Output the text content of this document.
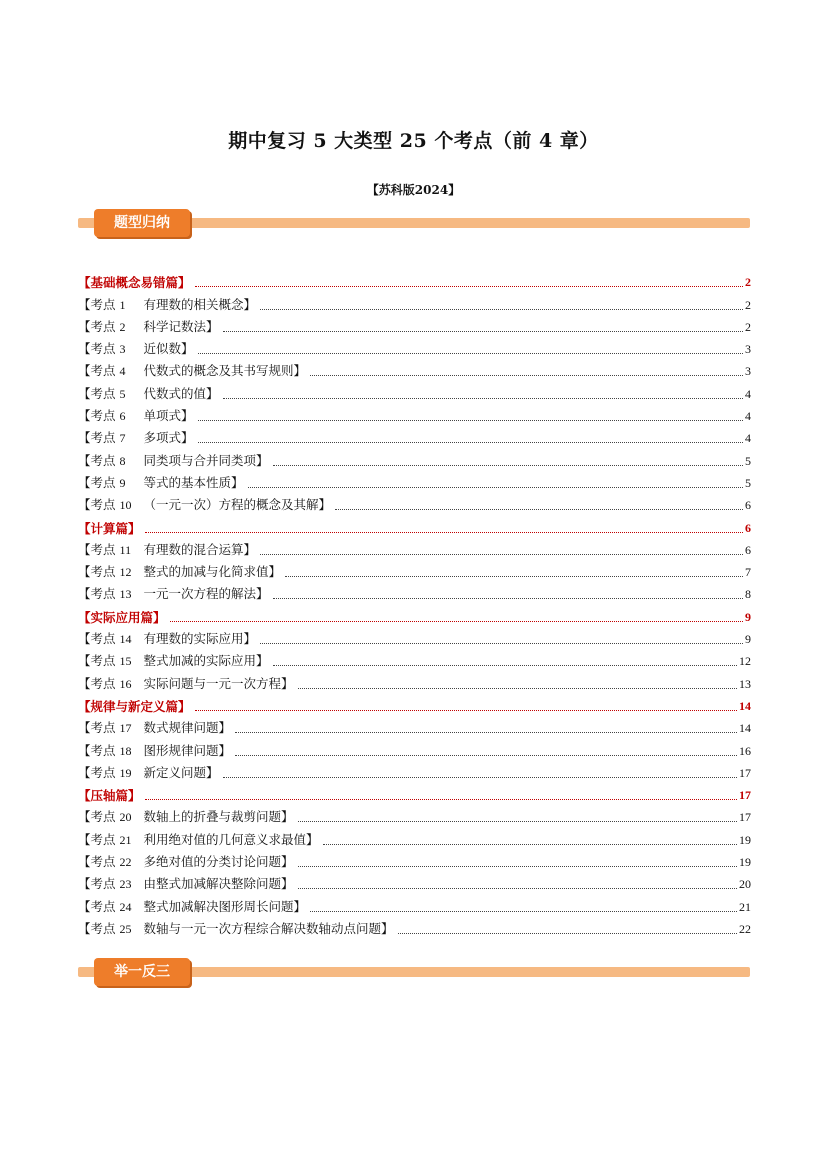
期中复习 5 大类型 25 个考点（前 4 章）
【苏科版2024】
题型归纳
【基础概念易错篇】	2
【考点 1 有理数的相关概念】	2
【考点 2 科学记数法】	2
【考点 3 近似数】	3
【考点 4 代数式的概念及其书写规则】	3
【考点 5 代数式的值】	4
【考点 6 单项式】	4
【考点 7 多项式】	4
【考点 8 同类项与合并同类项】	5
【考点 9 等式的基本性质】	5
【考点 10 （一元一次）方程的概念及其解】	6
【计算篇】	6
【考点 11 有理数的混合运算】	6
【考点 12 整式的加减与化简求值】	7
【考点 13 一元一次方程的解法】	8
【实际应用篇】	9
【考点 14 有理数的实际应用】	9
【考点 15 整式加减的实际应用】	12
【考点 16 实际问题与一元一次方程】	13
【规律与新定义篇】	14
【考点 17 数式规律问题】	14
【考点 18 图形规律问题】	16
【考点 19 新定义问题】	17
【压轴篇】	17
【考点 20 数轴上的折叠与裁剪问题】	17
【考点 21 利用绝对值的几何意义求最值】	19
【考点 22 多绝对值的分类讨论问题】	19
【考点 23 由整式加减解决整除问题】	20
【考点 24 整式加减解决图形周长问题】	21
【考点 25 数轴与一元一次方程综合解决数轴动点问题】	22
举一反三
